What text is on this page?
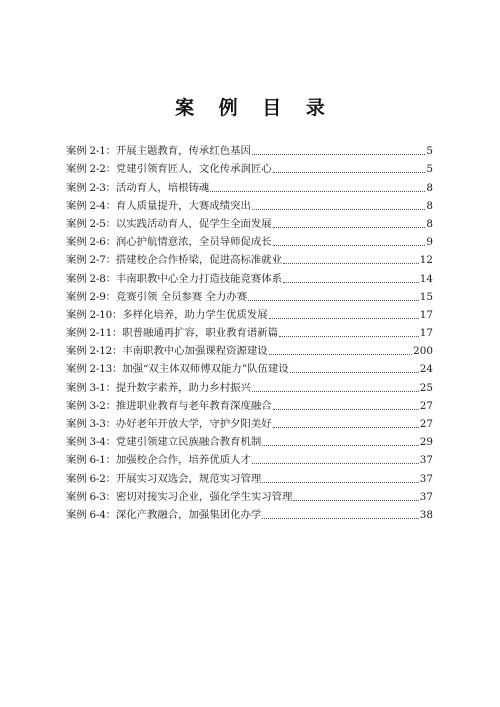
案 例 目 录
案例 2-1： 开展主题教育，传承红色基因	5
案例 2-2： 党建引领育匠人，文化传承润匠心	5
案例 2-3： 活动育人，培根铸魂	8
案例 2-4： 育人质量提升，大赛成绩突出	8
案例 2-5： 以实践活动育人，促学生全面发展	8
案例 2-6： 润心护航情意浓，全员导师促成长	9
案例 2-7： 搭建校企合作桥梁，促进高标准就业	12
案例 2-8： 丰南职教中心全力打造技能竞赛体系	14
案例 2-9： 竞赛引领 全员参赛 全力办赛	15
案例 2-10： 多样化培养，助力学生优质发展	17
案例 2-11： 职普融通再扩容，职业教育谱新篇	17
案例 2-12： 丰南职教中心加强课程资源建设	200
案例 2-13： 加强“双主体双师傅双能力”队伍建设	24
案例 3-1： 提升数字素养，助力乡村振兴	25
案例 3-2： 推进职业教育与老年教育深度融合	27
案例 3-3： 办好老年开放大学，守护夕阳美好	27
案例 3-4： 党建引领建立民族融合教育机制	29
案例 6-1： 加强校企合作，培养优质人才	37
案例 6-2： 开展实习双选会，规范实习管理	37
案例 6-3： 密切对接实习企业，强化学生实习管理	37
案例 6-4： 深化产教融合，加强集团化办学	38
